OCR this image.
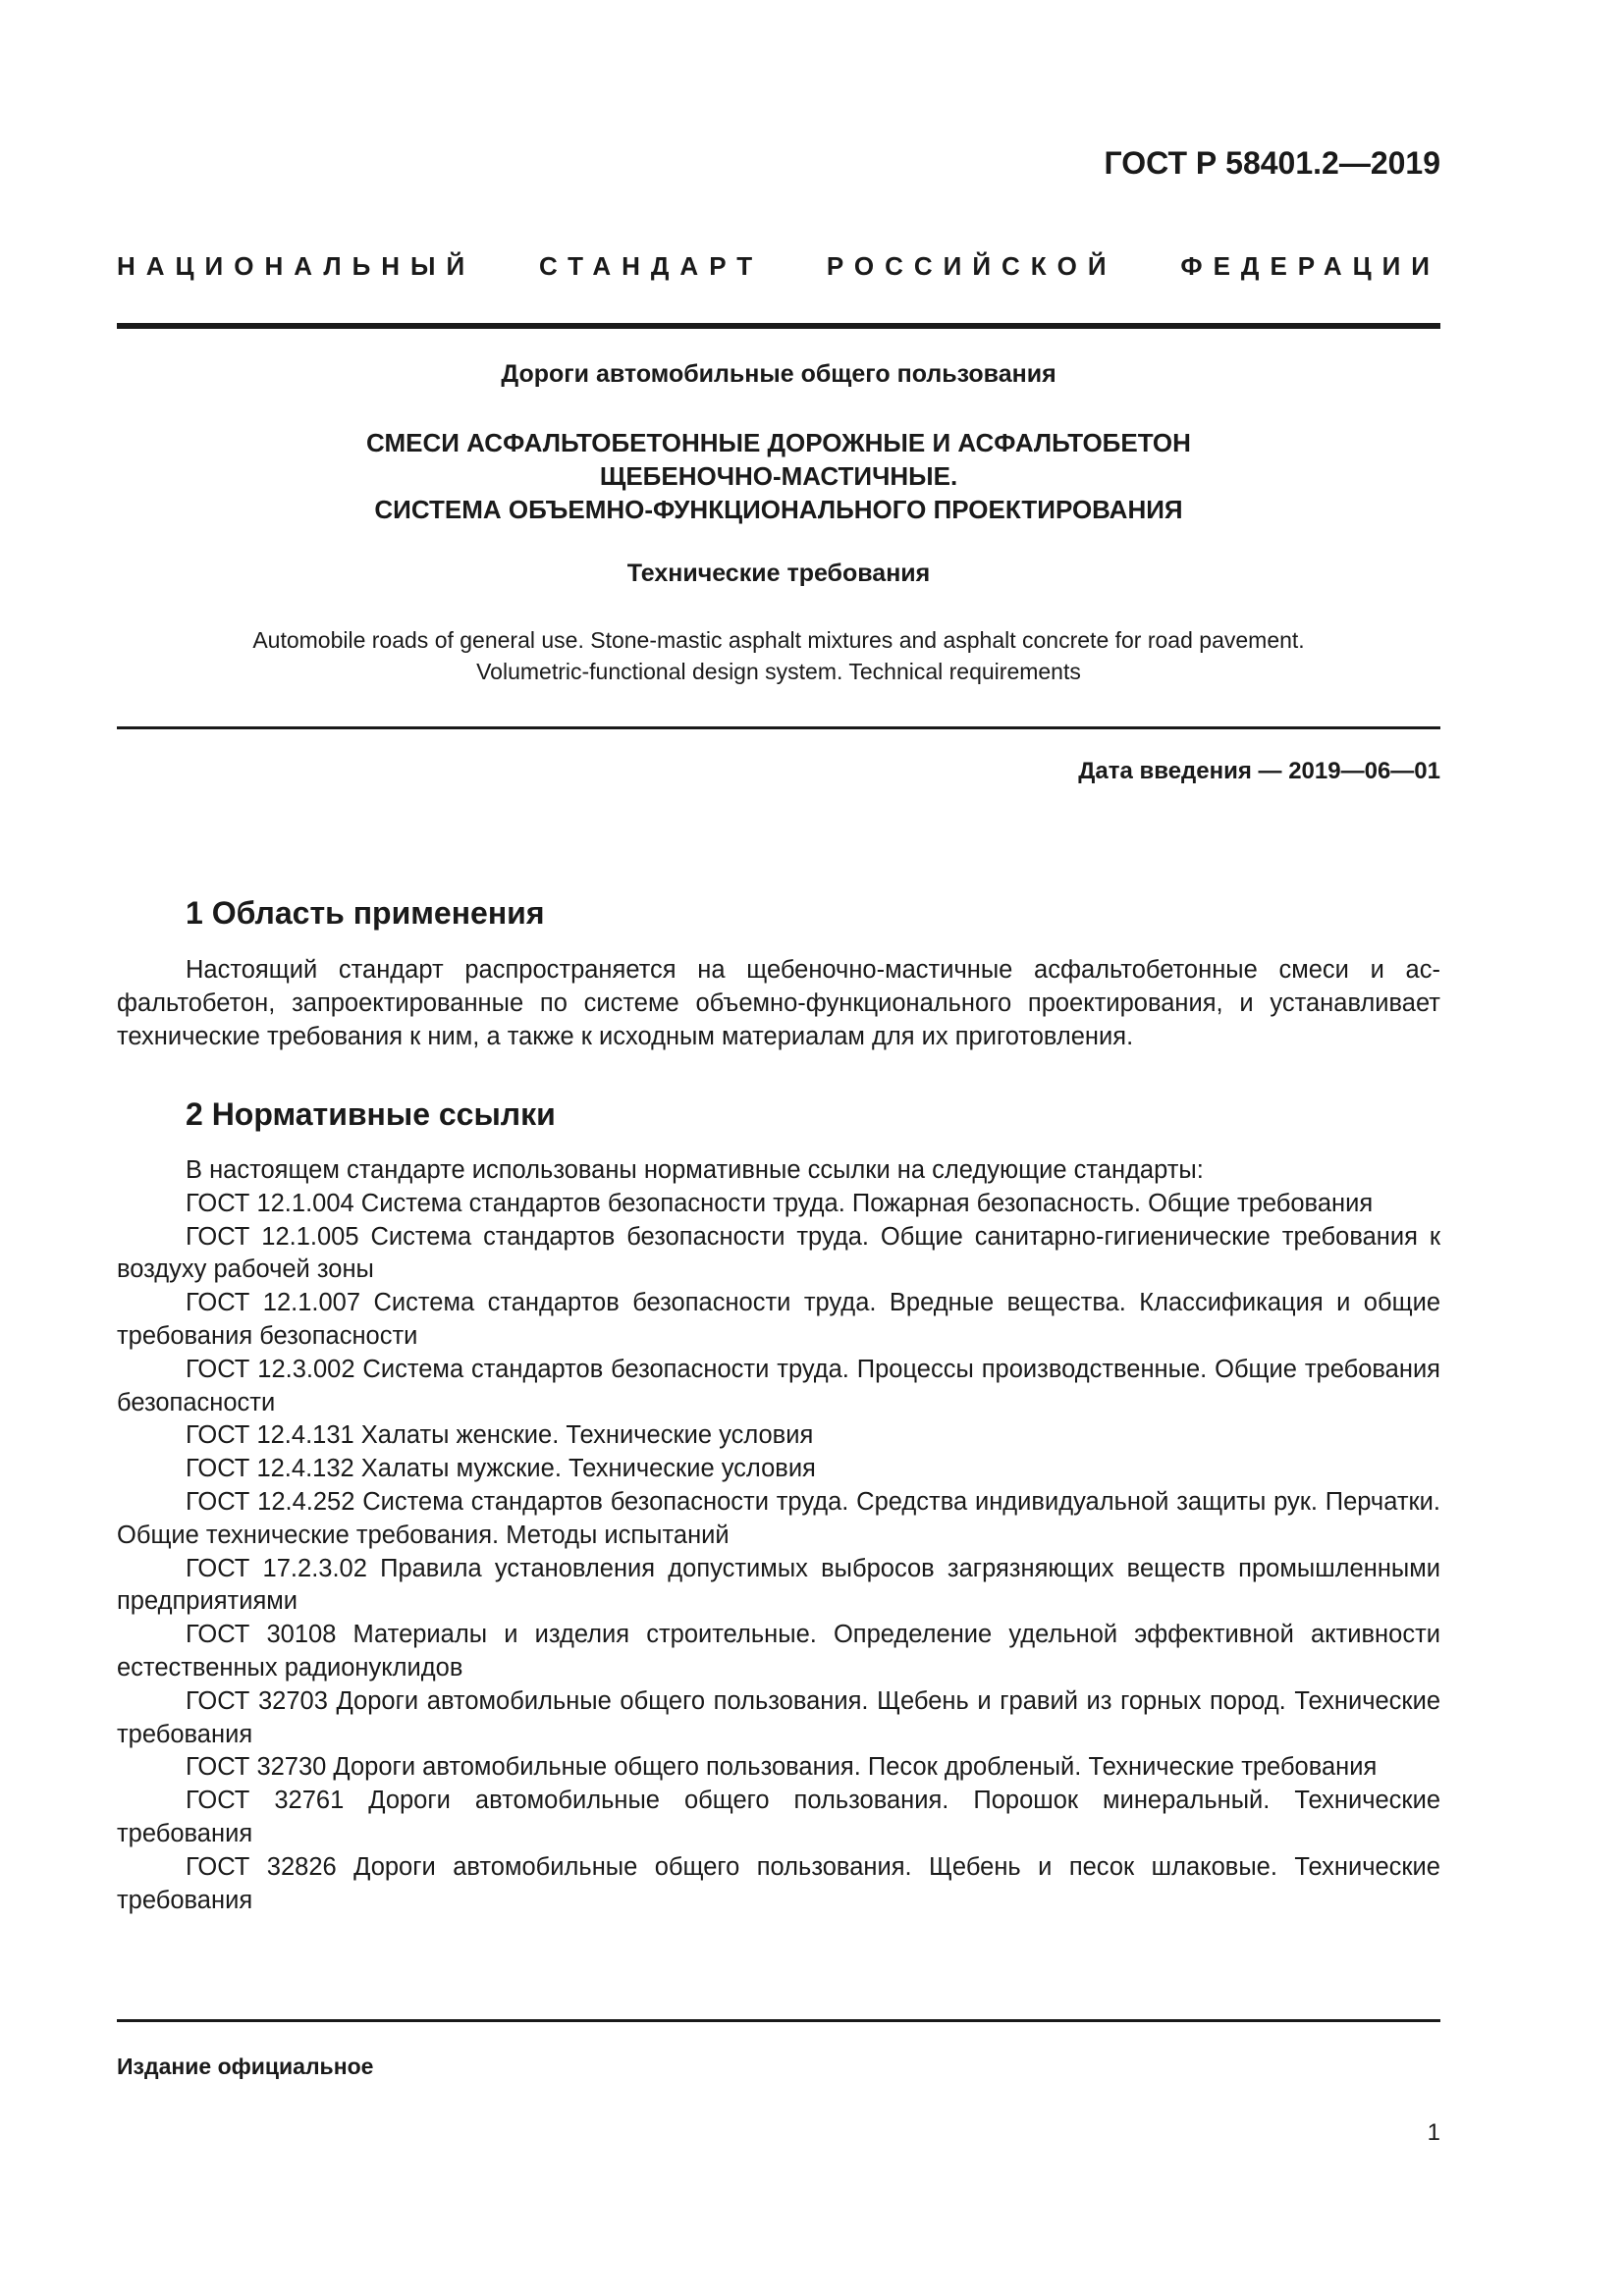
ГОСТ Р 58401.2—2019
НАЦИОНАЛЬНЫЙ СТАНДАРТ РОССИЙСКОЙ ФЕДЕРАЦИИ
Дороги автомобильные общего пользования
СМЕСИ АСФАЛЬТОБЕТОННЫЕ ДОРОЖНЫЕ И АСФАЛЬТОБЕТОН
ЩЕБЕНОЧНО-МАСТИЧНЫЕ.
СИСТЕМА ОБЪЕМНО-ФУНКЦИОНАЛЬНОГО ПРОЕКТИРОВАНИЯ
Технические требования
Automobile roads of general use. Stone-mastic asphalt mixtures and asphalt concrete for road pavement.
Volumetric-functional design system. Technical requirements
Дата введения — 2019—06—01
1 Область применения

Настоящий стандарт распространяется на щебеночно-мастичные асфальтобетонные смеси и асфальтобетон, запроектированные по системе объемно-функционального проектирования, и устанавливает технические требования к ним, а также к исходным материалам для их приготовления.

2 Нормативные ссылки

В настоящем стандарте использованы нормативные ссылки на следующие стандарты:

ГОСТ 12.1.004 Система стандартов безопасности труда. Пожарная безопасность. Общие требования

ГОСТ 12.1.005 Система стандартов безопасности труда. Общие санитарно-гигиенические требования к воздуху рабочей зоны

ГОСТ 12.1.007 Система стандартов безопасности труда. Вредные вещества. Классификация и общие требования безопасности

ГОСТ 12.3.002 Система стандартов безопасности труда. Процессы производственные. Общие требования безопасности

ГОСТ 12.4.131 Халаты женские. Технические условия

ГОСТ 12.4.132 Халаты мужские. Технические условия

ГОСТ 12.4.252 Система стандартов безопасности труда. Средства индивидуальной защиты рук. Перчатки. Общие технические требования. Методы испытаний

ГОСТ 17.2.3.02 Правила установления допустимых выбросов загрязняющих веществ промышленными предприятиями

ГОСТ 30108 Материалы и изделия строительные. Определение удельной эффективной активности естественных радионуклидов

ГОСТ 32703 Дороги автомобильные общего пользования. Щебень и гравий из горных пород. Технические требования

ГОСТ 32730 Дороги автомобильные общего пользования. Песок дробленый. Технические требования

ГОСТ 32761 Дороги автомобильные общего пользования. Порошок минеральный. Технические требования

ГОСТ 32826 Дороги автомобильные общего пользования. Щебень и песок шлаковые. Технические требования

Издание официальное
1
